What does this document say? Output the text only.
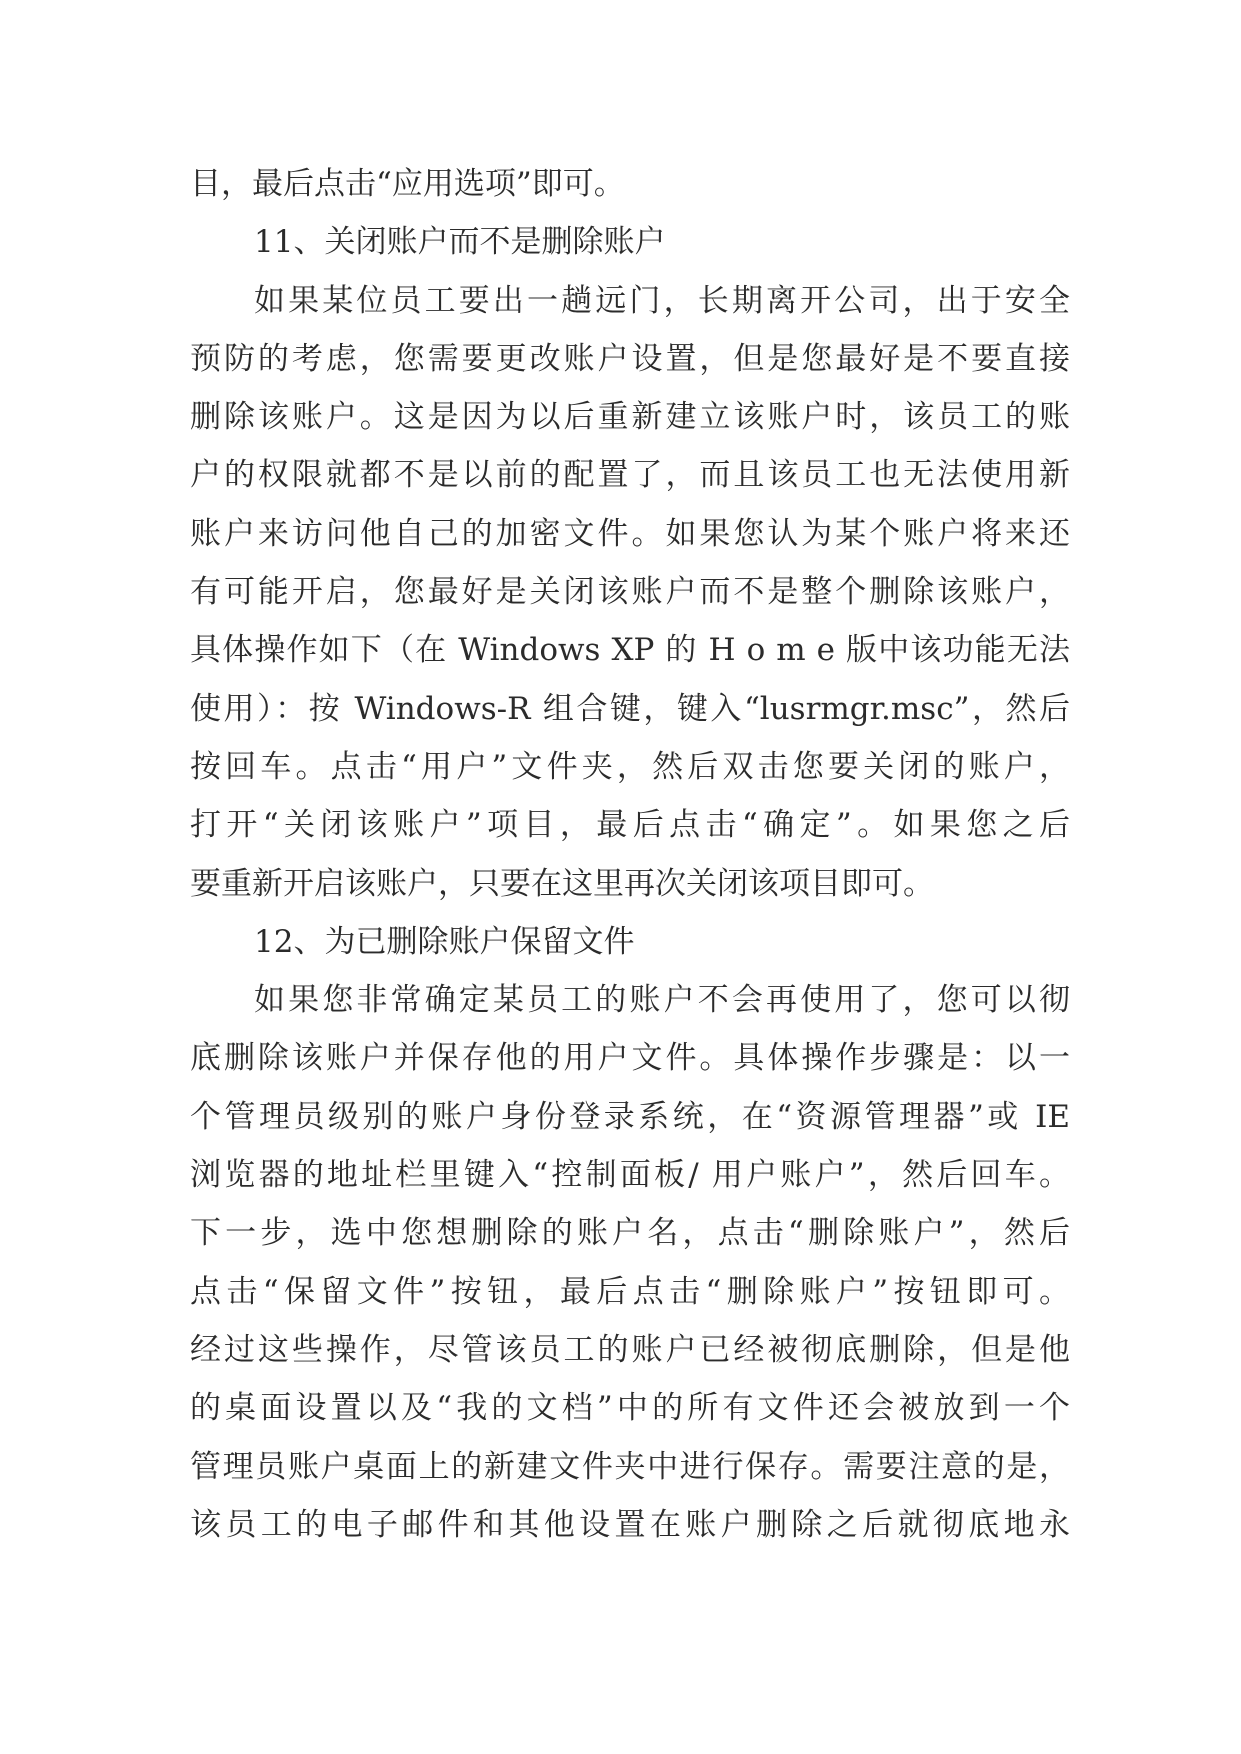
目，最后点击“应用选项”即可。
11、关闭账户而不是删除账户
如果某位员工要出一趟远门，长期离开公司，出于安全
预防的考虑，您需要更改账户设置，但是您最好是不要直接
删除该账户。这是因为以后重新建立该账户时，该员工的账
户的权限就都不是以前的配置了，而且该员工也无法使用新
账户来访问他自己的加密文件。如果您认为某个账户将来还
有可能开启，您最好是关闭该账户而不是整个删除该账户，
具体操作如下（在 Windows XP 的 H o m e 版中该功能无法
使用）：按 Windows-R 组合键，键入“lusrmgr.msc”，然后
按回车。点击“用户”文件夹，然后双击您要关闭的账户，
打开“关闭该账户”项目，最后点击“确定”。如果您之后
要重新开启该账户，只要在这里再次关闭该项目即可。
12、为已删除账户保留文件
如果您非常确定某员工的账户不会再使用了，您可以彻
底删除该账户并保存他的用户文件。具体操作步骤是：以一
个管理员级别的账户身份登录系统，在“资源管理器”或 IE
浏览器的地址栏里键入“控制面板/ 用户账户”，然后回车。
下一步，选中您想删除的账户名，点击“删除账户”，然后
点击“保留文件”按钮，最后点击“删除账户”按钮即可。
经过这些操作，尽管该员工的账户已经被彻底删除，但是他
的桌面设置以及“我的文档”中的所有文件还会被放到一个
管理员账户桌面上的新建文件夹中进行保存。需要注意的是，
该员工的电子邮件和其他设置在账户删除之后就彻底地永
